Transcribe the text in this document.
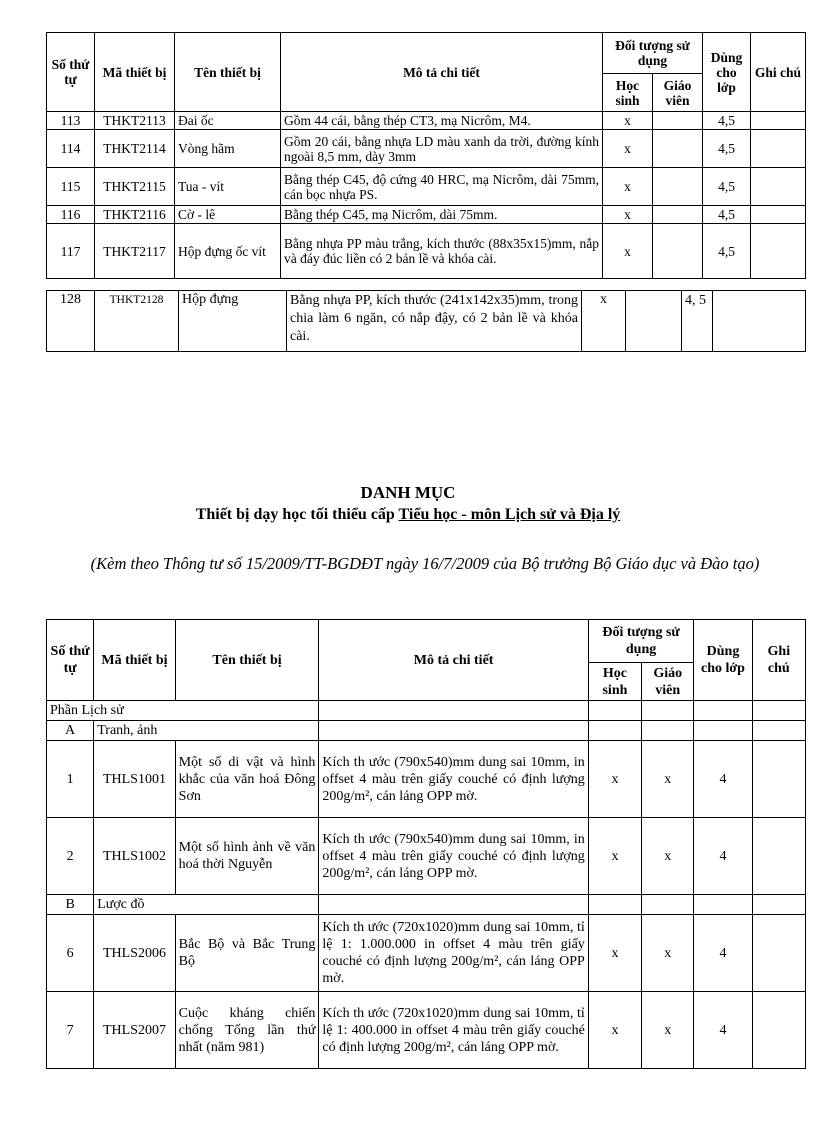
Số thứ tự	Mã thiết bị	Tên thiết bị	Mô tả chi tiết	Đối tượng sử dụng		Dùng cho lớp	Ghi chú
				Học sinh	Giáo viên		
113	THKT2113	Đai ốc	Gồm 44 cái, bằng thép CT3, mạ Nicrôm, M4.	x		4,5	
114	THKT2114	Vòng hãm	Gồm 20 cái, bằng nhựa LD màu xanh da trời, đường kính ngoài 8,5 mm, dày 3mm	x		4,5	
115	THKT2115	Tua - vít	Bằng thép C45, độ cứng 40 HRC, mạ Nicrôm, dài 75mm, cán bọc nhựa PS.	x		4,5	
116	THKT2116	Cờ - lê	Bằng thép C45, mạ Nicrôm, dài 75mm.	x		4,5	
117	THKT2117	Hộp đựng ốc vít	Bằng nhựa PP màu trắng, kích thước (88x35x15)mm, nắp và đáy đúc liền có 2 bản lề và khóa cài.	x		4,5	
128	THKT2128	Hộp đựng	Bằng nhựa PP, kích thước (241x142x35)mm, trong chia làm 6 ngăn, có nắp đậy, có 2 bản lề và khóa cài.	x		4, 5	
DANH MỤC
Thiết bị dạy học tối thiểu cấp Tiểu học - môn Lịch sử và Địa lý
(Kèm theo Thông tư số 15/2009/TT-BGDĐT ngày 16/7/2009 của Bộ trưởng Bộ Giáo dục và Đào tạo)
Số thứ tự	Mã thiết bị	Tên thiết bị	Mô tả chi tiết	Đối tượng sử dụng		Dùng cho lớp	Ghi chú
				Học sinh	Giáo viên		
Phần Lịch sử							
A	Tranh, ảnh						
1	THLS1001	Một số di vật và hình khắc của văn hoá Đông Sơn	Kích th ước (790x540)mm dung sai 10mm, in offset 4 màu trên giấy couché có định lượng 200g/m², cán láng OPP mờ.	x	x	4	
2	THLS1002	Một số hình ảnh về văn hoá thời Nguyễn	Kích th ước (790x540)mm dung sai 10mm, in offset 4 màu trên giấy couché có định lượng 200g/m², cán láng OPP mờ.	x	x	4	
B	Lược đồ						
6	THLS2006	Bắc Bộ và Bắc Trung Bộ	Kích th ước (720x1020)mm dung sai 10mm, tỉ lệ 1: 1.000.000 in offset 4 màu trên giấy couché có định lượng 200g/m², cán láng OPP mờ.	x	x	4	
7	THLS2007	Cuộc kháng chiến chống Tống lần thứ nhất (năm 981)	Kích th ước (720x1020)mm dung sai 10mm, tỉ lệ 1: 400.000 in offset 4 màu trên giấy couché có định lượng 200g/m², cán láng OPP mờ.	x	x	4	
